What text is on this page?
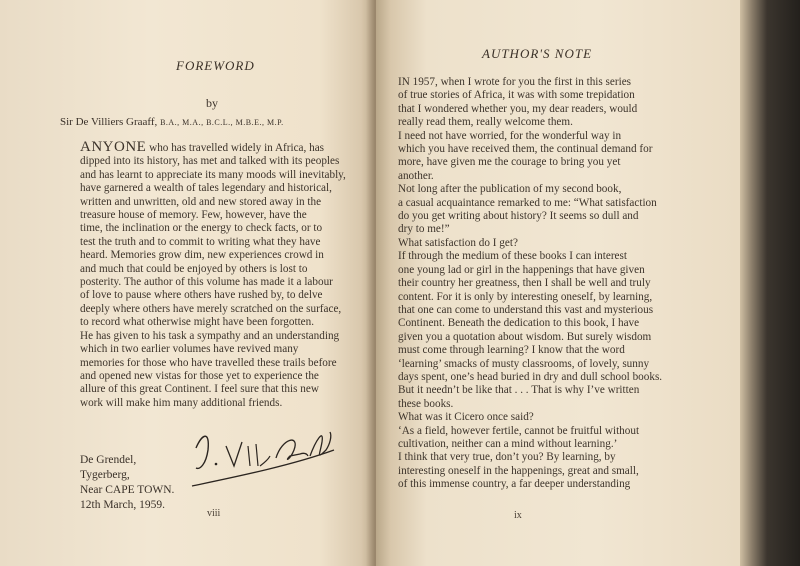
FOREWORD
by
Sir De Villiers Graaff, B.A., M.A., B.C.L., M.B.E., M.P.
ANYONE who has travelled widely in Africa, has
dipped into its history, has met and talked with its peoples
and has learnt to appreciate its many moods will inevitably,
have garnered a wealth of tales legendary and historical,
written and unwritten, old and new stored away in the
treasure house of memory. Few, however, have the
time, the inclination or the energy to check facts, or to
test the truth and to commit to writing what they have
heard. Memories grow dim, new experiences crowd in
and much that could be enjoyed by others is lost to
posterity. The author of this volume has made it a labour
of love to pause where others have rushed by, to delve
deeply where others have merely scratched on the surface,
to record what otherwise might have been forgotten.
He has given to his task a sympathy and an understanding
which in two earlier volumes have revived many
memories for those who have travelled these trails before
and opened new vistas for those yet to experience the
allure of this great Continent. I feel sure that this new
work will make him many additional friends.
De Grendel,
Tygerberg,
Near CAPE TOWN.
12th March, 1959.
viii
AUTHOR'S NOTE
IN 1957, when I wrote for you the first in this series
of true stories of Africa, it was with some trepidation
that I wondered whether you, my dear readers, would
really read them, really welcome them.
I need not have worried, for the wonderful way in
which you have received them, the continual demand for
more, have given me the courage to bring you yet
another.
Not long after the publication of my second book,
a casual acquaintance remarked to me: “What satisfaction
do you get writing about history? It seems so dull and
dry to me!”
What satisfaction do I get?
If through the medium of these books I can interest
one young lad or girl in the happenings that have given
their country her greatness, then I shall be well and truly
content. For it is only by interesting oneself, by learning,
that one can come to understand this vast and mysterious
Continent. Beneath the dedication to this book, I have
given you a quotation about wisdom. But surely wisdom
must come through learning? I know that the word
‘learning’ smacks of musty classrooms, of lovely, sunny
days spent, one’s head buried in dry and dull school books.
But it needn’t be like that . . . That is why I’ve written
these books.
What was it Cicero once said?
‘As a field, however fertile, cannot be fruitful without
cultivation, neither can a mind without learning.’
I think that very true, don’t you? By learning, by
interesting oneself in the happenings, great and small,
of this immense country, a far deeper understanding
ix
